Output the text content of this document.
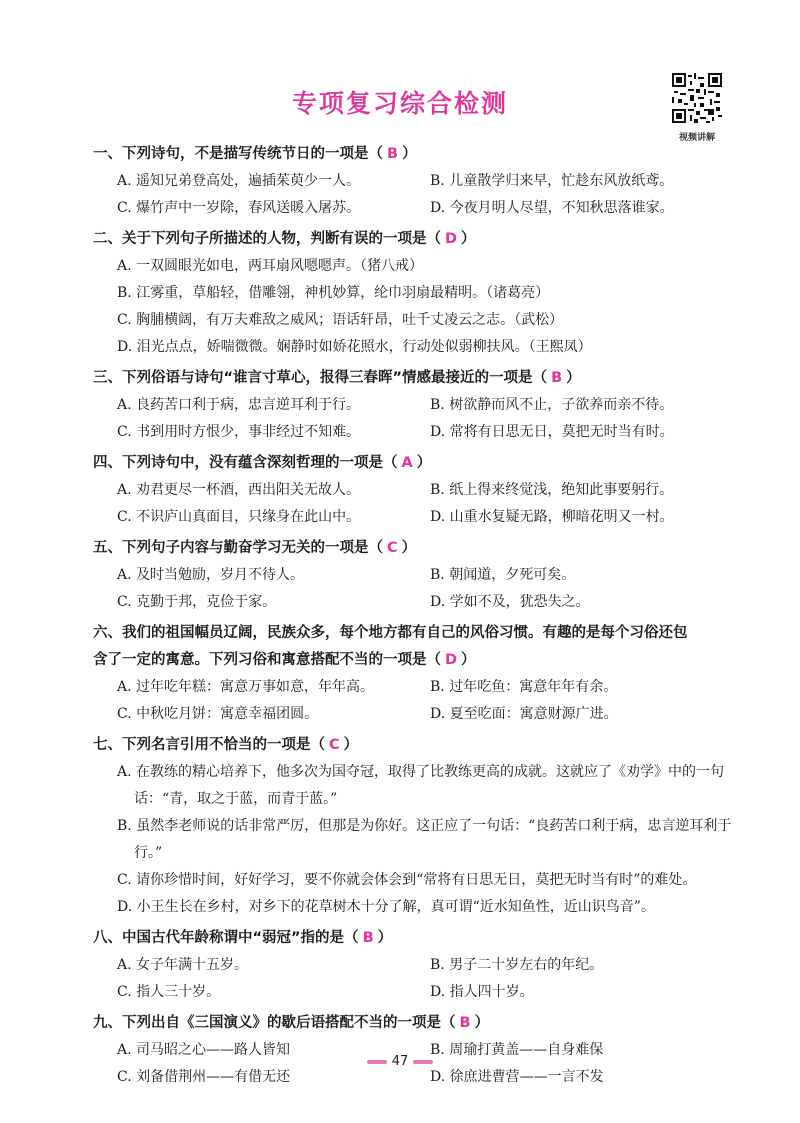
专项复习综合检测
视频讲解
一、下列诗句，不是描写传统节日的一项是（ B ）
A. 遥知兄弟登高处，遍插茱萸少一人。	B. 儿童散学归来早，忙趁东风放纸鸢。
C. 爆竹声中一岁除，春风送暖入屠苏。	D. 今夜月明人尽望，不知秋思落谁家。
二、关于下列句子所描述的人物，判断有误的一项是（ D ）
A. 一双圆眼光如电，两耳扇风嗯嗯声。（猪八戒）
B. 江雾重，草船轻，借雕翎，神机妙算，纶巾羽扇最精明。（诸葛亮）
C. 胸脯横阔，有万夫难敌之威风；语话轩昂，吐千丈凌云之志。（武松）
D. 泪光点点，娇喘微微。娴静时如娇花照水，行动处似弱柳扶风。（王熙凤）
三、下列俗语与诗句“谁言寸草心，报得三春晖”情感最接近的一项是（ B ）
A. 良药苦口利于病，忠言逆耳利于行。	B. 树欲静而风不止，子欲养而亲不待。
C. 书到用时方恨少，事非经过不知难。	D. 常将有日思无日，莫把无时当有时。
四、下列诗句中，没有蕴含深刻哲理的一项是（ A ）
A. 劝君更尽一杯酒，西出阳关无故人。	B. 纸上得来终觉浅，绝知此事要躬行。
C. 不识庐山真面目，只缘身在此山中。	D. 山重水复疑无路，柳暗花明又一村。
五、下列句子内容与勤奋学习无关的一项是（ C ）
A. 及时当勉励，岁月不待人。	B. 朝闻道，夕死可矣。
C. 克勤于邦，克俭于家。	D. 学如不及，犹恐失之。
六、我们的祖国幅员辽阔，民族众多，每个地方都有自己的风俗习惯。有趣的是每个习俗还包
含了一定的寓意。下列习俗和寓意搭配不当的一项是（ D ）
A. 过年吃年糕：寓意万事如意，年年高。	B. 过年吃鱼：寓意年年有余。
C. 中秋吃月饼：寓意幸福团圆。	D. 夏至吃面：寓意财源广进。
七、下列名言引用不恰当的一项是（ C ）
A. 在教练的精心培养下，他多次为国夺冠，取得了比教练更高的成就。这就应了《劝学》中的一句话：“青，取之于蓝，而青于蓝。”
B. 虽然李老师说的话非常严厉，但那是为你好。这正应了一句话：“良药苦口利于病，忠言逆耳利于行。”
C. 请你珍惜时间，好好学习，要不你就会体会到“常将有日思无日，莫把无时当有时”的难处。
D. 小王生长在乡村，对乡下的花草树木十分了解，真可谓“近水知鱼性，近山识鸟音”。
八、中国古代年龄称谓中“弱冠”指的是（ B ）
A. 女子年满十五岁。	B. 男子二十岁左右的年纪。
C. 指人三十岁。	D. 指人四十岁。
九、下列出自《三国演义》的歇后语搭配不当的一项是（ B ）
A. 司马昭之心——路人皆知	B. 周瑜打黄盖——自身难保
C. 刘备借荆州——有借无还	D. 徐庶进曹营——一言不发
47
